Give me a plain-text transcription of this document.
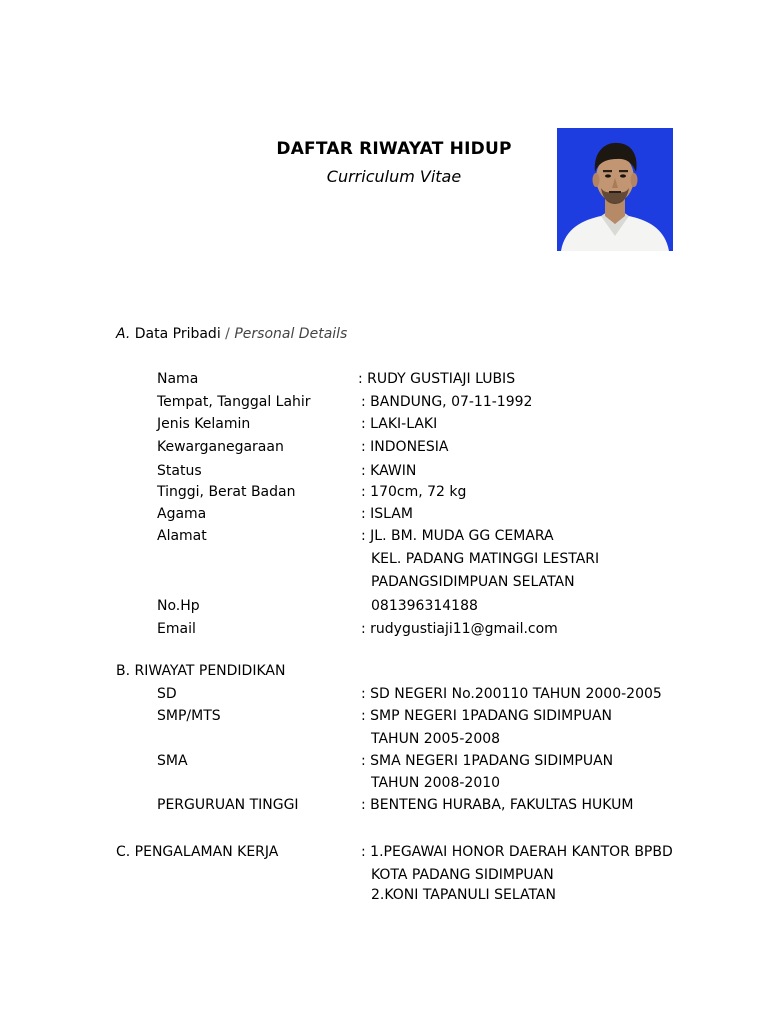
DAFTAR RIWAYAT HIDUP
Curriculum Vitae
A. Data Pribadi / Personal Details
Nama	: RUDY GUSTIAJI LUBIS
Tempat, Tanggal Lahir	: BANDUNG, 07-11-1992
Jenis Kelamin	: LAKI-LAKI
Kewarganegaraan	: INDONESIA
Status	: KAWIN
Tinggi, Berat Badan	: 170cm, 72 kg
Agama	: ISLAM
Alamat	: JL. BM. MUDA GG CEMARA
KEL. PADANG MATINGGI LESTARI
PADANGSIDIMPUAN SELATAN
No.Hp	081396314188
Email	: rudygustiaji11@gmail.com
B. RIWAYAT PENDIDIKAN
SD	: SD NEGERI No.200110 TAHUN 2000-2005
SMP/MTS	: SMP NEGERI 1PADANG SIDIMPUAN
TAHUN 2005-2008
SMA	: SMA NEGERI 1PADANG SIDIMPUAN
TAHUN 2008-2010
PERGURUAN TINGGI	: BENTENG HURABA, FAKULTAS HUKUM
C. PENGALAMAN KERJA	: 1.PEGAWAI HONOR DAERAH KANTOR BPBD
KOTA PADANG SIDIMPUAN
2.KONI TAPANULI SELATAN
